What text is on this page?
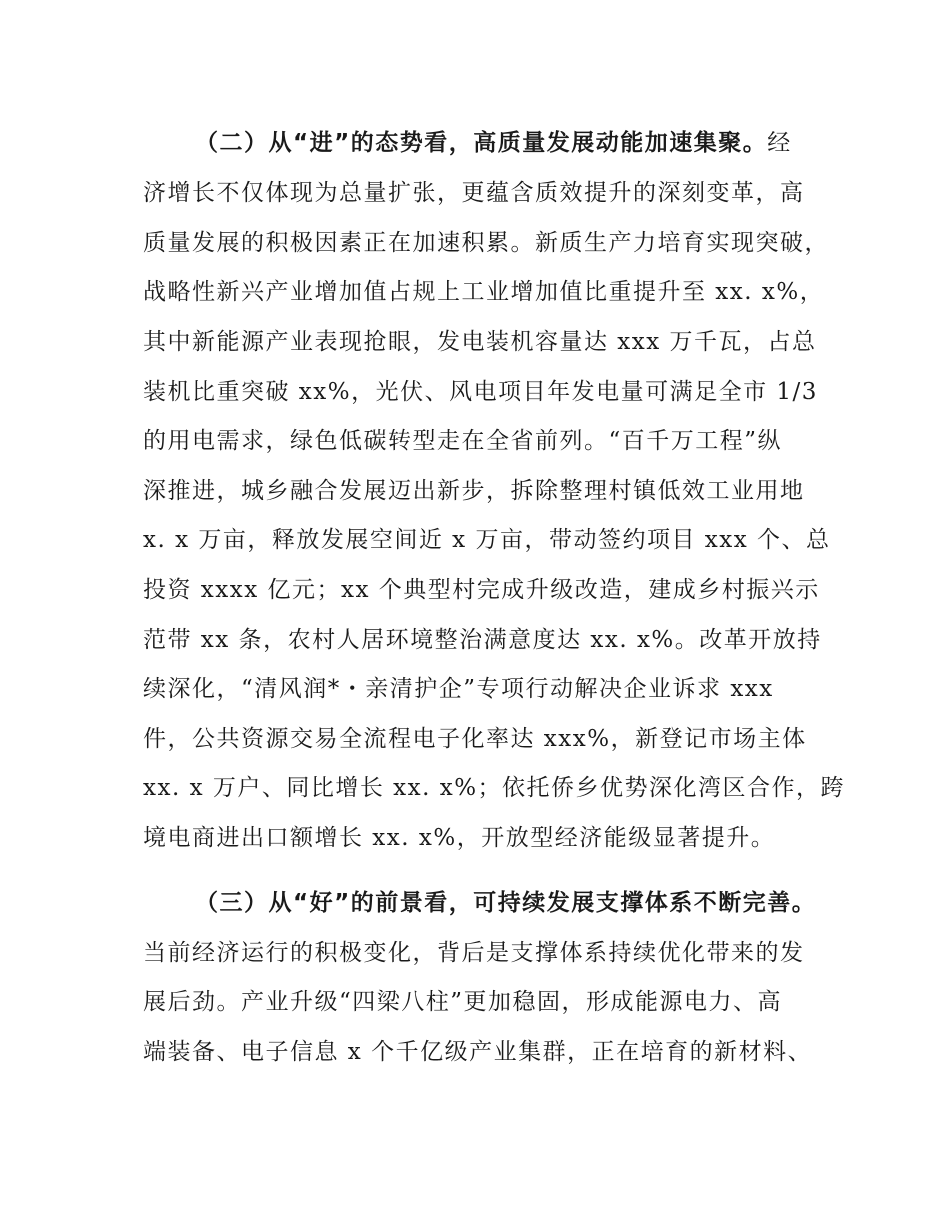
（二）从“进”的态势看，高质量发展动能加速集聚。经
济增长不仅体现为总量扩张，更蕴含质效提升的深刻变革，高
质量发展的积极因素正在加速积累。新质生产力培育实现突破，
战略性新兴产业增加值占规上工业增加值比重提升至 xx. x%，
其中新能源产业表现抢眼，发电装机容量达 xxx 万千瓦，占总
装机比重突破 xx%，光伏、风电项目年发电量可满足全市 1/3
的用电需求，绿色低碳转型走在全省前列。“百千万工程”纵
深推进，城乡融合发展迈出新步，拆除整理村镇低效工业用地
x. x 万亩，释放发展空间近 x 万亩，带动签约项目 xxx 个、总
投资 xxxx 亿元；xx 个典型村完成升级改造，建成乡村振兴示
范带 xx 条，农村人居环境整治满意度达 xx. x%。改革开放持
续深化，“清风润*・亲清护企”专项行动解决企业诉求 xxx
件，公共资源交易全流程电子化率达 xxx%，新登记市场主体
xx. x 万户、同比增长 xx. x%；依托侨乡优势深化湾区合作，跨
境电商进出口额增长 xx. x%，开放型经济能级显著提升。
（三）从“好”的前景看，可持续发展支撑体系不断完善。
当前经济运行的积极变化，背后是支撑体系持续优化带来的发
展后劲。产业升级“四梁八柱”更加稳固，形成能源电力、高
端装备、电子信息 x 个千亿级产业集群，正在培育的新材料、
